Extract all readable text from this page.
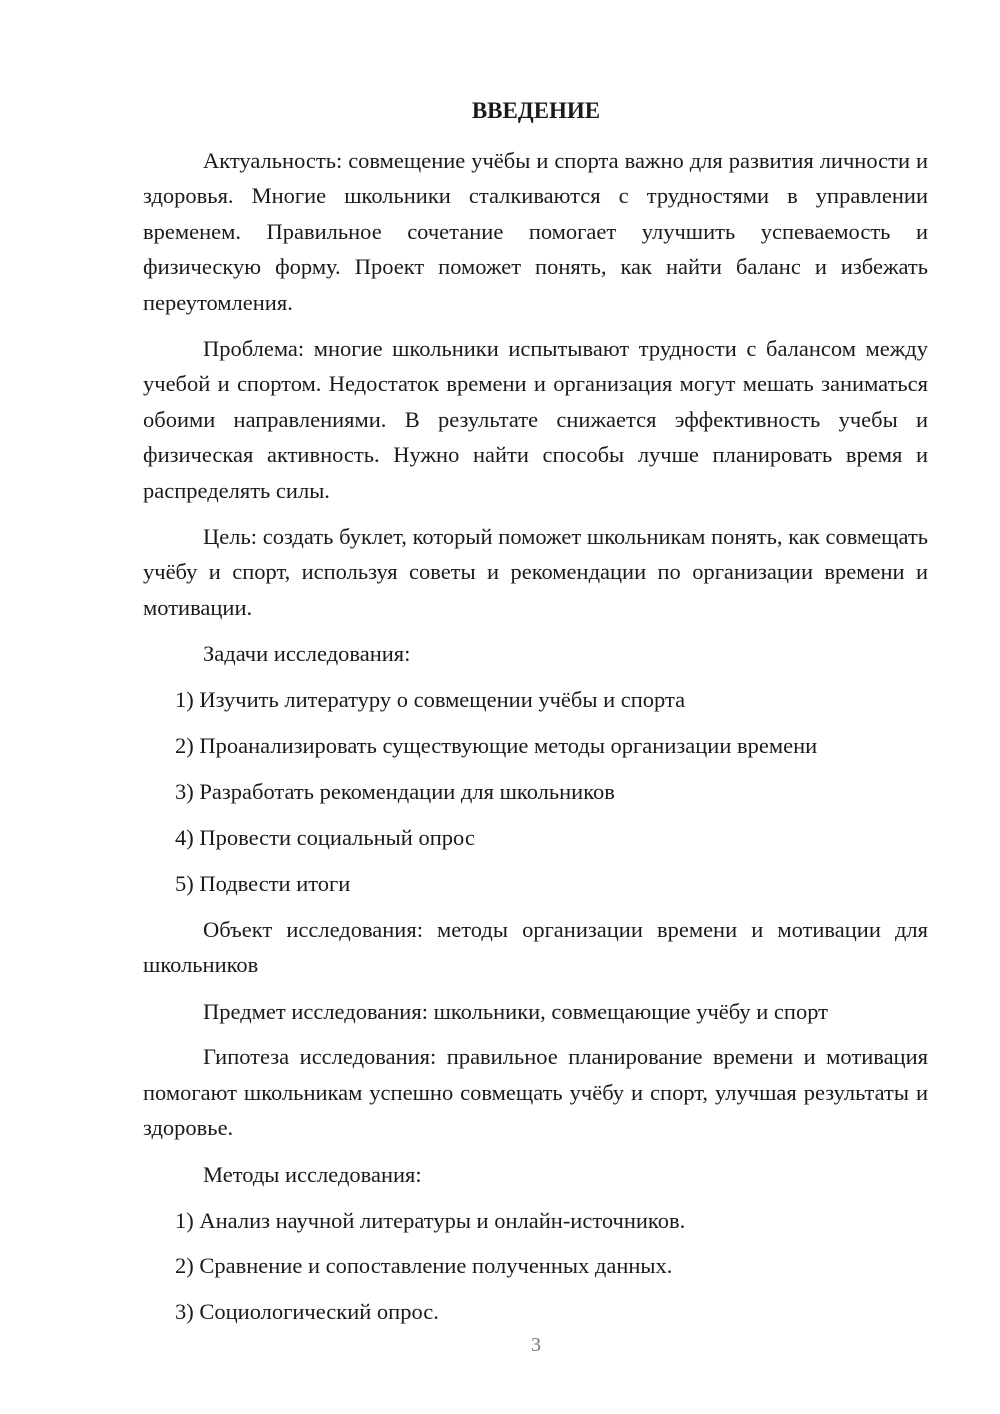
ВВЕДЕНИЕ

Актуальность: совмещение учёбы и спорта важно для развития личности и здоровья. Многие школьники сталкиваются с трудностями в управлении временем. Правильное сочетание помогает улучшить успеваемость и физическую форму. Проект поможет понять, как найти баланс и избежать переутомления.

Проблема: многие школьники испытывают трудности с балансом между учебой и спортом. Недостаток времени и организация могут мешать заниматься обоими направлениями. В результате снижается эффективность учебы и физическая активность. Нужно найти способы лучше планировать время и распределять силы.

Цель: создать буклет, который поможет школьникам понять, как совмещать учёбу и спорт, используя советы и рекомендации по организации времени и мотивации.

Задачи исследования:

1) Изучить литературу о совмещении учёбы и спорта

2) Проанализировать существующие методы организации времени

3) Разработать рекомендации для школьников

4) Провести социальный опрос

5) Подвести итоги

Объект исследования: методы организации времени и мотивации для школьников

Предмет исследования: школьники, совмещающие учёбу и спорт

Гипотеза исследования: правильное планирование времени и мотивация помогают школьникам успешно совмещать учёбу и спорт, улучшая результаты и здоровье.

Методы исследования:

1) Анализ научной литературы и онлайн-источников.

2) Сравнение и сопоставление полученных данных.

3) Социологический опрос.

3
